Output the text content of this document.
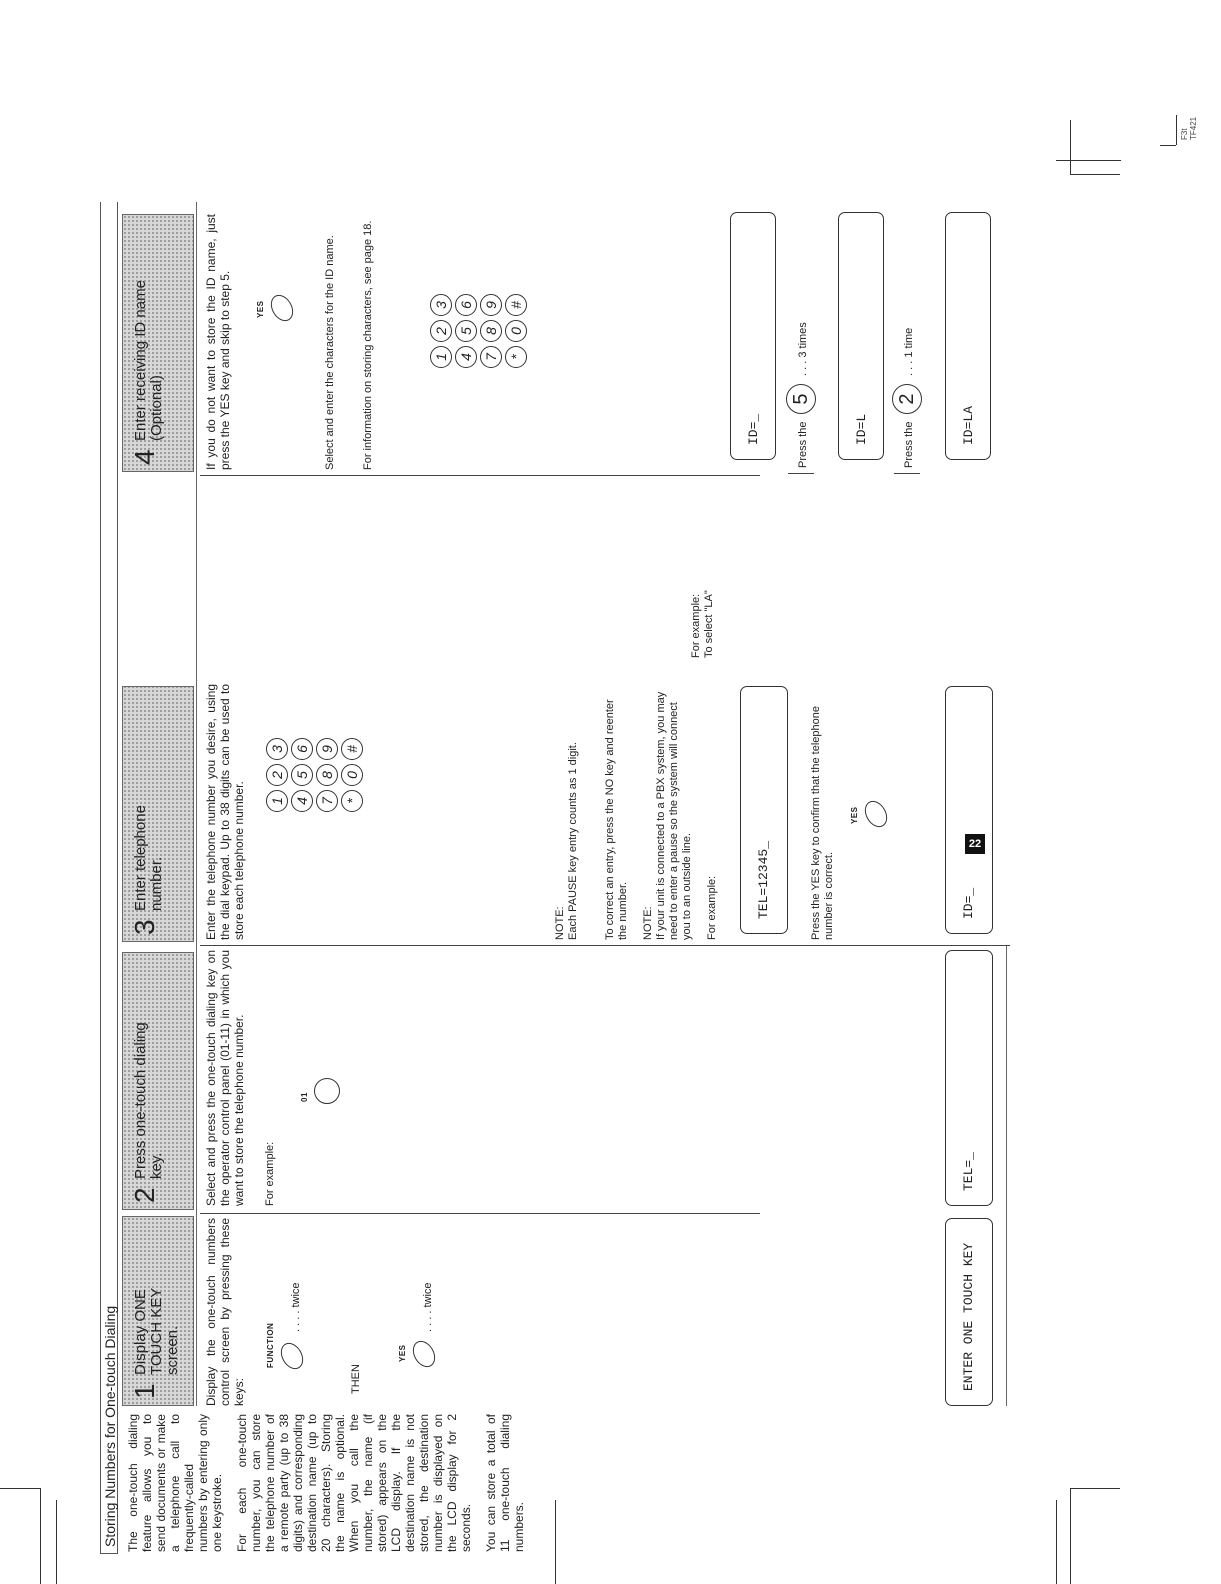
F3t
TF421
Storing Numbers for One-touch Dialing The one-touch dialing feature allows you to send documents or make a telephone call to frequently-called numbers by entering only one keystroke. For each one-touch number, you can store the telephone number of a remote party (up to 38 digits) and corresponding destination name (up to 20 characters). Storing the name is optional. When you call the number, the name (if stored) appears on the LCD display. If the destination name is not stored, the destination number is displayed on the LCD display for 2 seconds. You can store a total of 11 one-touch dialing numbers.

1
Display ONE TOUCH KEY screen. Display the one-touch numbers control screen by pressing these keys:
FUNCTION
. . . . twice
THEN
YES
. . . . twice	ENTER ONE TOUCH KEY
2
Press one-touch dialing key.	Select and press the one-touch dialing key on the operator control panel (01-11) in which you want to store the telephone number. For example:
01
TEL=_
3
Enter telephone number.	Enter the telephone number you desire, using the dial keypad. Up to 38 digits can be used to store each telephone number. 1
2
3
4
5
6
7
8
9
*
0
#
NOTE: Each PAUSE key entry counts as 1 digit. To correct an entry, press the NO key and reenter the number. NOTE: If your unit is connected to a PBX system, you may need to enter a pause so the system will connect you to an outside line. For example:	TEL=12345_	Press the YES key to confirm that the telephone number is correct.
YES
ID=_
4
Enter receiving ID name (Optional).	If you do not want to store the ID name, just press the YES key and skip to step 5.	YES	Select and enter the characters for the ID name. For information on storing characters, see page 18.	1
2
3
4
5
6
7
8
9
*
0
#
For example:
To select "LA"
ID=_	Press the
5
. . . 3 times
ID=L	Press the
2
. . . 1 time
ID=LA
22
